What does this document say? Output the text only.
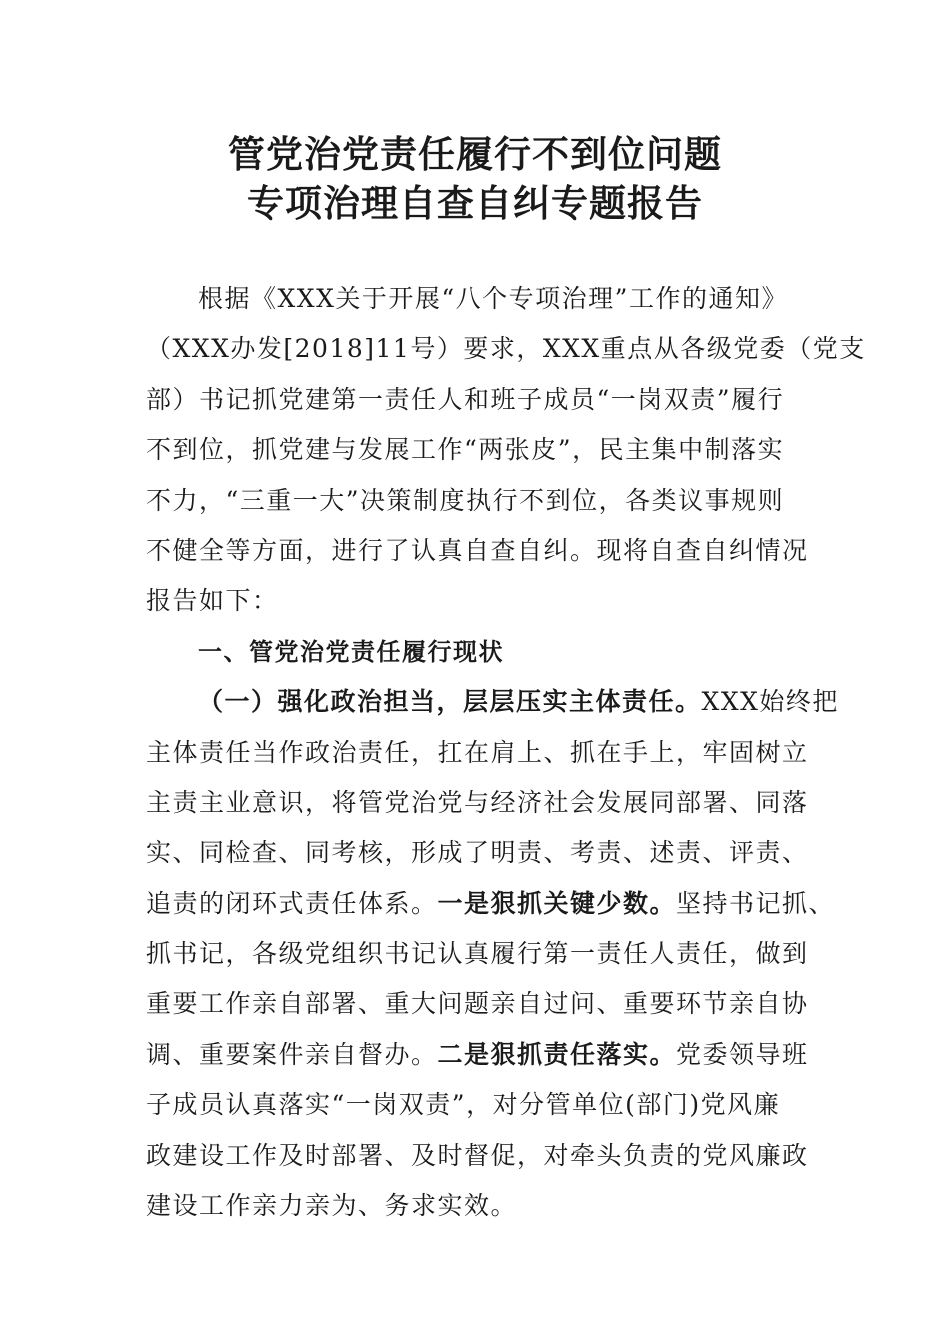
管党治党责任履行不到位问题
专项治理自查自纠专题报告
根据《XXX关于开展“八个专项治理”工作的通知》
（XXX办发[2018]11号）要求，XXX重点从各级党委（党支
部）书记抓党建第一责任人和班子成员“一岗双责”履行
不到位，抓党建与发展工作“两张皮”，民主集中制落实
不力，“三重一大”决策制度执行不到位，各类议事规则
不健全等方面，进行了认真自查自纠。现将自查自纠情况
报告如下：
一、管党治党责任履行现状
（一）强化政治担当，层层压实主体责任。XXX始终把
主体责任当作政治责任，扛在肩上、抓在手上，牢固树立
主责主业意识，将管党治党与经济社会发展同部署、同落
实、同检查、同考核，形成了明责、考责、述责、评责、
追责的闭环式责任体系。一是狠抓关键少数。坚持书记抓、
抓书记，各级党组织书记认真履行第一责任人责任，做到
重要工作亲自部署、重大问题亲自过问、重要环节亲自协
调、重要案件亲自督办。二是狠抓责任落实。党委领导班
子成员认真落实“一岗双责”，对分管单位(部门)党风廉
政建设工作及时部署、及时督促，对牵头负责的党风廉政
建设工作亲力亲为、务求实效。
